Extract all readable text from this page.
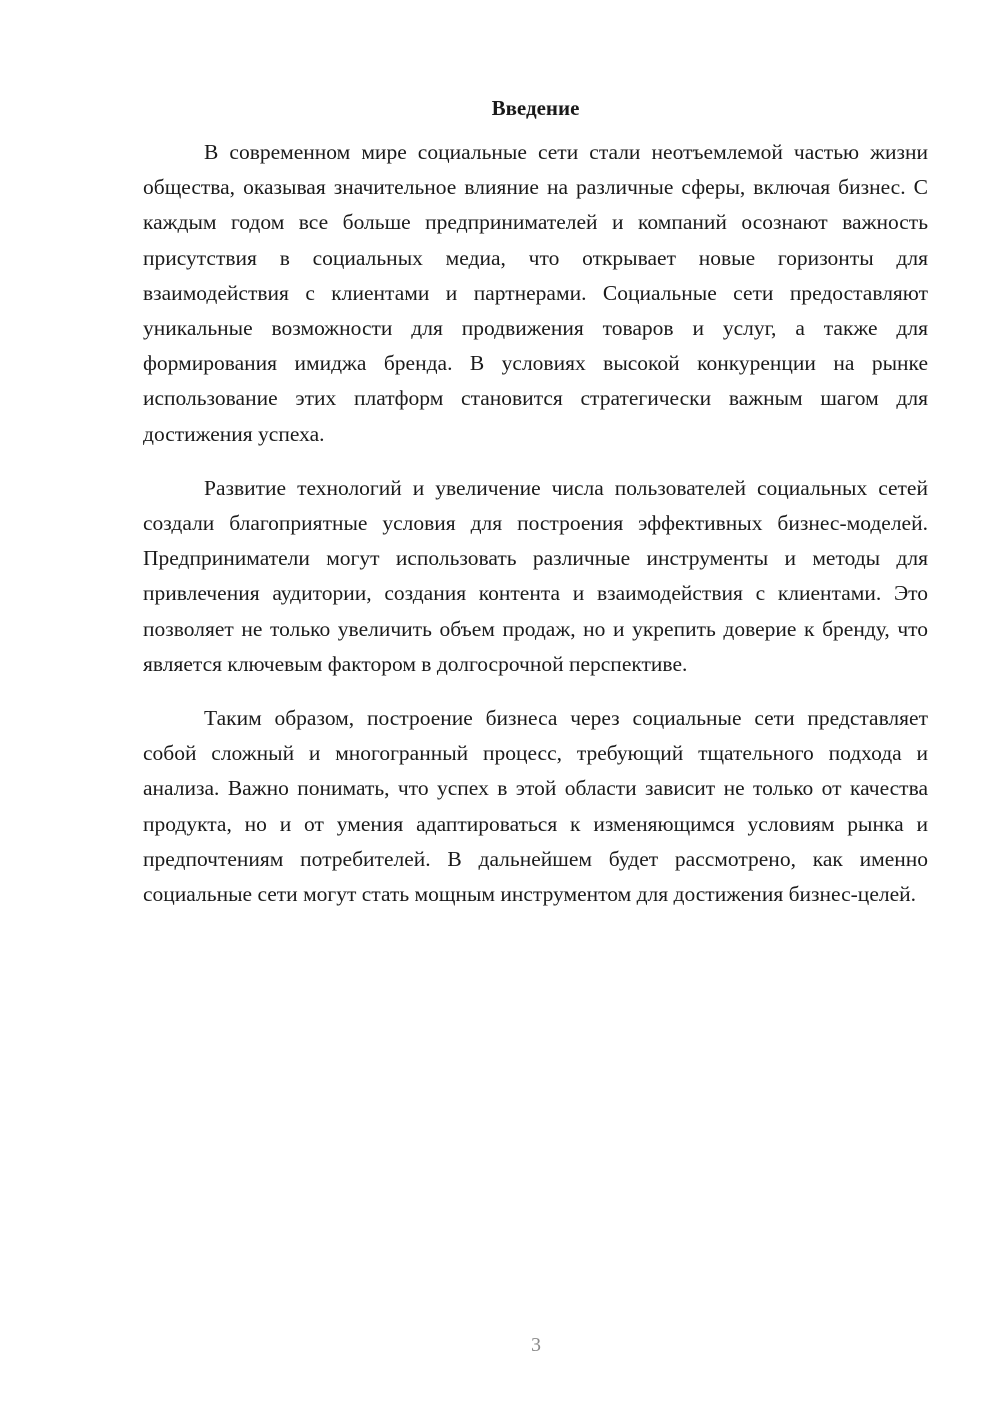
Введение

В современном мире социальные сети стали неотъемлемой частью жизни общества, оказывая значительное влияние на различные сферы, включая бизнес. С каждым годом все больше предпринимателей и компаний осознают важность присутствия в социальных медиа, что открывает новые горизонты для взаимодействия с клиентами и партнерами. Социальные сети предоставляют уникальные возможности для продвижения товаров и услуг, а также для формирования имиджа бренда. В условиях высокой конкуренции на рынке использование этих платформ становится стратегически важным шагом для достижения успеха.

Развитие технологий и увеличение числа пользователей социальных сетей создали благоприятные условия для построения эффективных бизнес-моделей. Предприниматели могут использовать различные инструменты и методы для привлечения аудитории, создания контента и взаимодействия с клиентами. Это позволяет не только увеличить объем продаж, но и укрепить доверие к бренду, что является ключевым фактором в долгосрочной перспективе.

Таким образом, построение бизнеса через социальные сети представляет собой сложный и многогранный процесс, требующий тщательного подхода и анализа. Важно понимать, что успех в этой области зависит не только от качества продукта, но и от умения адаптироваться к изменяющимся условиям рынка и предпочтениям потребителей. В дальнейшем будет рассмотрено, как именно социальные сети могут стать мощным инструментом для достижения бизнес-целей.

3
